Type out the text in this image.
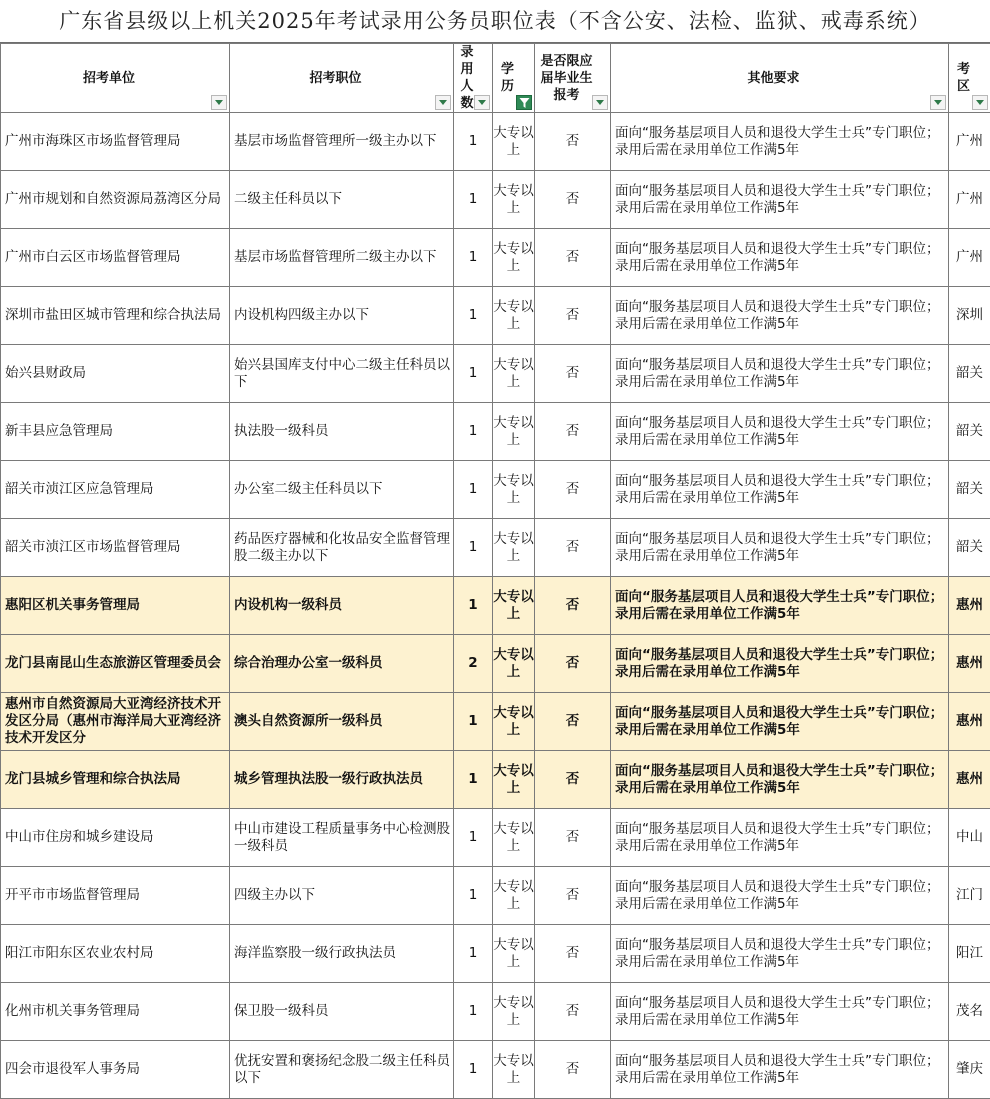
广东省县级以上机关2025年考试录用公务员职位表（不含公安、法检、监狱、戒毒系统）
招考单位	招考职位	录用人数	学历	是否限应届毕业生报考	其他要求	考区

广州市海珠区市场监督管理局	基层市场监督管理所一级主办以下	1	大专以上	否	面向“服务基层项目人员和退役大学生士兵”专门职位；录用后需在录用单位工作满5年	广州

广州市规划和自然资源局荔湾区分局	二级主任科员以下	1	大专以上	否	面向“服务基层项目人员和退役大学生士兵”专门职位；录用后需在录用单位工作满5年	广州

广州市白云区市场监督管理局	基层市场监督管理所二级主办以下	1	大专以上	否	面向“服务基层项目人员和退役大学生士兵”专门职位；录用后需在录用单位工作满5年	广州

深圳市盐田区城市管理和综合执法局	内设机构四级主办以下	1	大专以上	否	面向“服务基层项目人员和退役大学生士兵”专门职位；录用后需在录用单位工作满5年	深圳

始兴县财政局	始兴县国库支付中心二级主任科员以下	1	大专以上	否	面向“服务基层项目人员和退役大学生士兵”专门职位；录用后需在录用单位工作满5年	韶关

新丰县应急管理局	执法股一级科员	1	大专以上	否	面向“服务基层项目人员和退役大学生士兵”专门职位；录用后需在录用单位工作满5年	韶关

韶关市浈江区应急管理局	办公室二级主任科员以下	1	大专以上	否	面向“服务基层项目人员和退役大学生士兵”专门职位；录用后需在录用单位工作满5年	韶关

韶关市浈江区市场监督管理局	药品医疗器械和化妆品安全监督管理股二级主办以下	1	大专以上	否	面向“服务基层项目人员和退役大学生士兵”专门职位；录用后需在录用单位工作满5年	韶关

惠阳区机关事务管理局	内设机构一级科员	1	大专以上	否	面向“服务基层项目人员和退役大学生士兵”专门职位；录用后需在录用单位工作满5年	惠州

龙门县南昆山生态旅游区管理委员会	综合治理办公室一级科员	2	大专以上	否	面向“服务基层项目人员和退役大学生士兵”专门职位；录用后需在录用单位工作满5年	惠州

惠州市自然资源局大亚湾经济技术开发区分局（惠州市海洋局大亚湾经济技术开发区分	澳头自然资源所一级科员	1	大专以上	否	面向“服务基层项目人员和退役大学生士兵”专门职位；录用后需在录用单位工作满5年	惠州

龙门县城乡管理和综合执法局	城乡管理执法股一级行政执法员	1	大专以上	否	面向“服务基层项目人员和退役大学生士兵”专门职位；录用后需在录用单位工作满5年	惠州

中山市住房和城乡建设局	中山市建设工程质量事务中心检测股一级科员	1	大专以上	否	面向“服务基层项目人员和退役大学生士兵”专门职位；录用后需在录用单位工作满5年	中山

开平市市场监督管理局	四级主办以下	1	大专以上	否	面向“服务基层项目人员和退役大学生士兵”专门职位；录用后需在录用单位工作满5年	江门

阳江市阳东区农业农村局	海洋监察股一级行政执法员	1	大专以上	否	面向“服务基层项目人员和退役大学生士兵”专门职位；录用后需在录用单位工作满5年	阳江

化州市机关事务管理局	保卫股一级科员	1	大专以上	否	面向“服务基层项目人员和退役大学生士兵”专门职位；录用后需在录用单位工作满5年	茂名

四会市退役军人事务局	优抚安置和褒扬纪念股二级主任科员以下	1	大专以上	否	面向“服务基层项目人员和退役大学生士兵”专门职位；录用后需在录用单位工作满5年	肇庆
